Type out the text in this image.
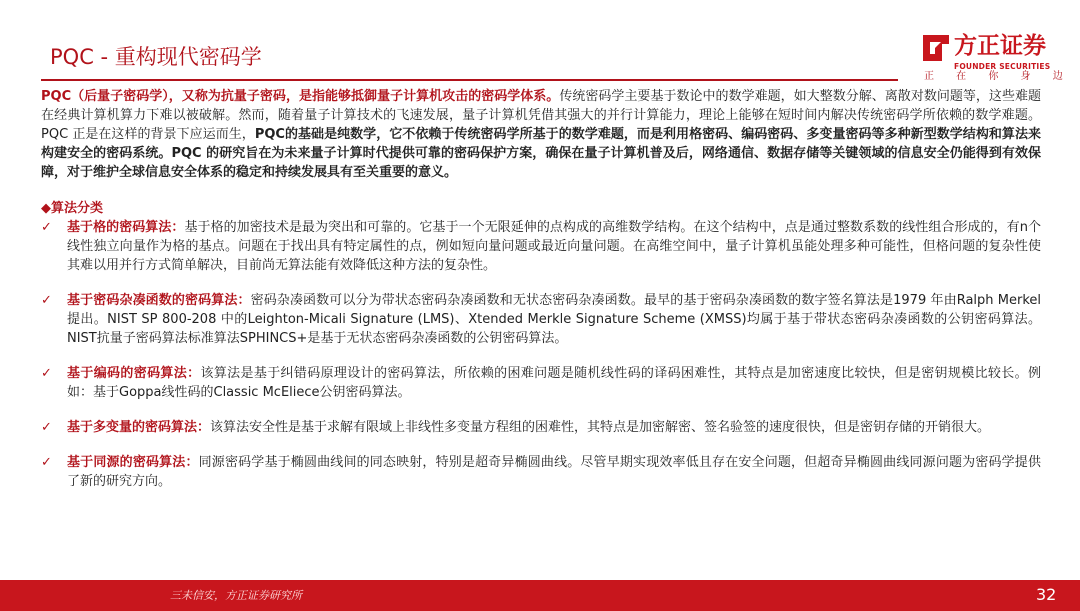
PQC - 重构现代密码学	方正证券
FOUNDER SECURITIES
正 在 你 身 边

PQC（后量子密码学），又称为抗量子密码，是指能够抵御量子计算机攻击的密码学体系。传统密码学主要基于数论中的数学难题，如大整数分解、离散对数问题等，这些难题在经典计算机算力下难以被破解。然而，随着量子计算技术的飞速发展，量子计算机凭借其强大的并行计算能力，理论上能够在短时间内解决传统密码学所依赖的数学难题。PQC 正是在这样的背景下应运而生，PQC的基础是纯数学，它不依赖于传统密码学所基于的数学难题，而是利用格密码、编码密码、多变量密码等多种新型数学结构和算法来构建安全的密码系统。PQC 的研究旨在为未来量子计算时代提供可靠的密码保护方案，确保在量子计算机普及后，网络通信、数据存储等关键领域的信息安全仍能得到有效保障，对于维护全球信息安全体系的稳定和持续发展具有至关重要的意义。

◆算法分类
✓ 基于格的密码算法：基于格的加密技术是最为突出和可靠的。它基于一个无限延伸的点构成的高维数学结构。在这个结构中，点是通过整数系数的线性组合形成的，有n个线性独立向量作为格的基点。问题在于找出具有特定属性的点，例如短向量问题或最近向量问题。在高维空间中，量子计算机虽能处理多种可能性，但格问题的复杂性使其难以用并行方式简单解决，目前尚无算法能有效降低这种方法的复杂性。
✓ 基于密码杂凑函数的密码算法：密码杂凑函数可以分为带状态密码杂凑函数和无状态密码杂凑函数。最早的基于密码杂凑函数的数字签名算法是1979 年由Ralph Merkel 提出。NIST SP 800-208 中的Leighton-Micali Signature (LMS)、Xtended Merkle Signature Scheme (XMSS)均属于基于带状态密码杂凑函数的公钥密码算法。NIST抗量子密码算法标准算法SPHINCS+是基于无状态密码杂凑函数的公钥密码算法。
✓ 基于编码的密码算法：该算法是基于纠错码原理设计的密码算法，所依赖的困难问题是随机线性码的译码困难性，其特点是加密速度比较快，但是密钥规模比较长。例如：基于Goppa线性码的Classic McEliece公钥密码算法。
✓ 基于多变量的密码算法：该算法安全性是基于求解有限域上非线性多变量方程组的困难性，其特点是加密解密、签名验签的速度很快，但是密钥存储的开销很大。
✓ 基于同源的密码算法：同源密码学基于椭圆曲线间的同态映射，特别是超奇异椭圆曲线。尽管早期实现效率低且存在安全问题，但超奇异椭圆曲线同源问题为密码学提供了新的研究方向。
三未信安，方正证券研究所	32
